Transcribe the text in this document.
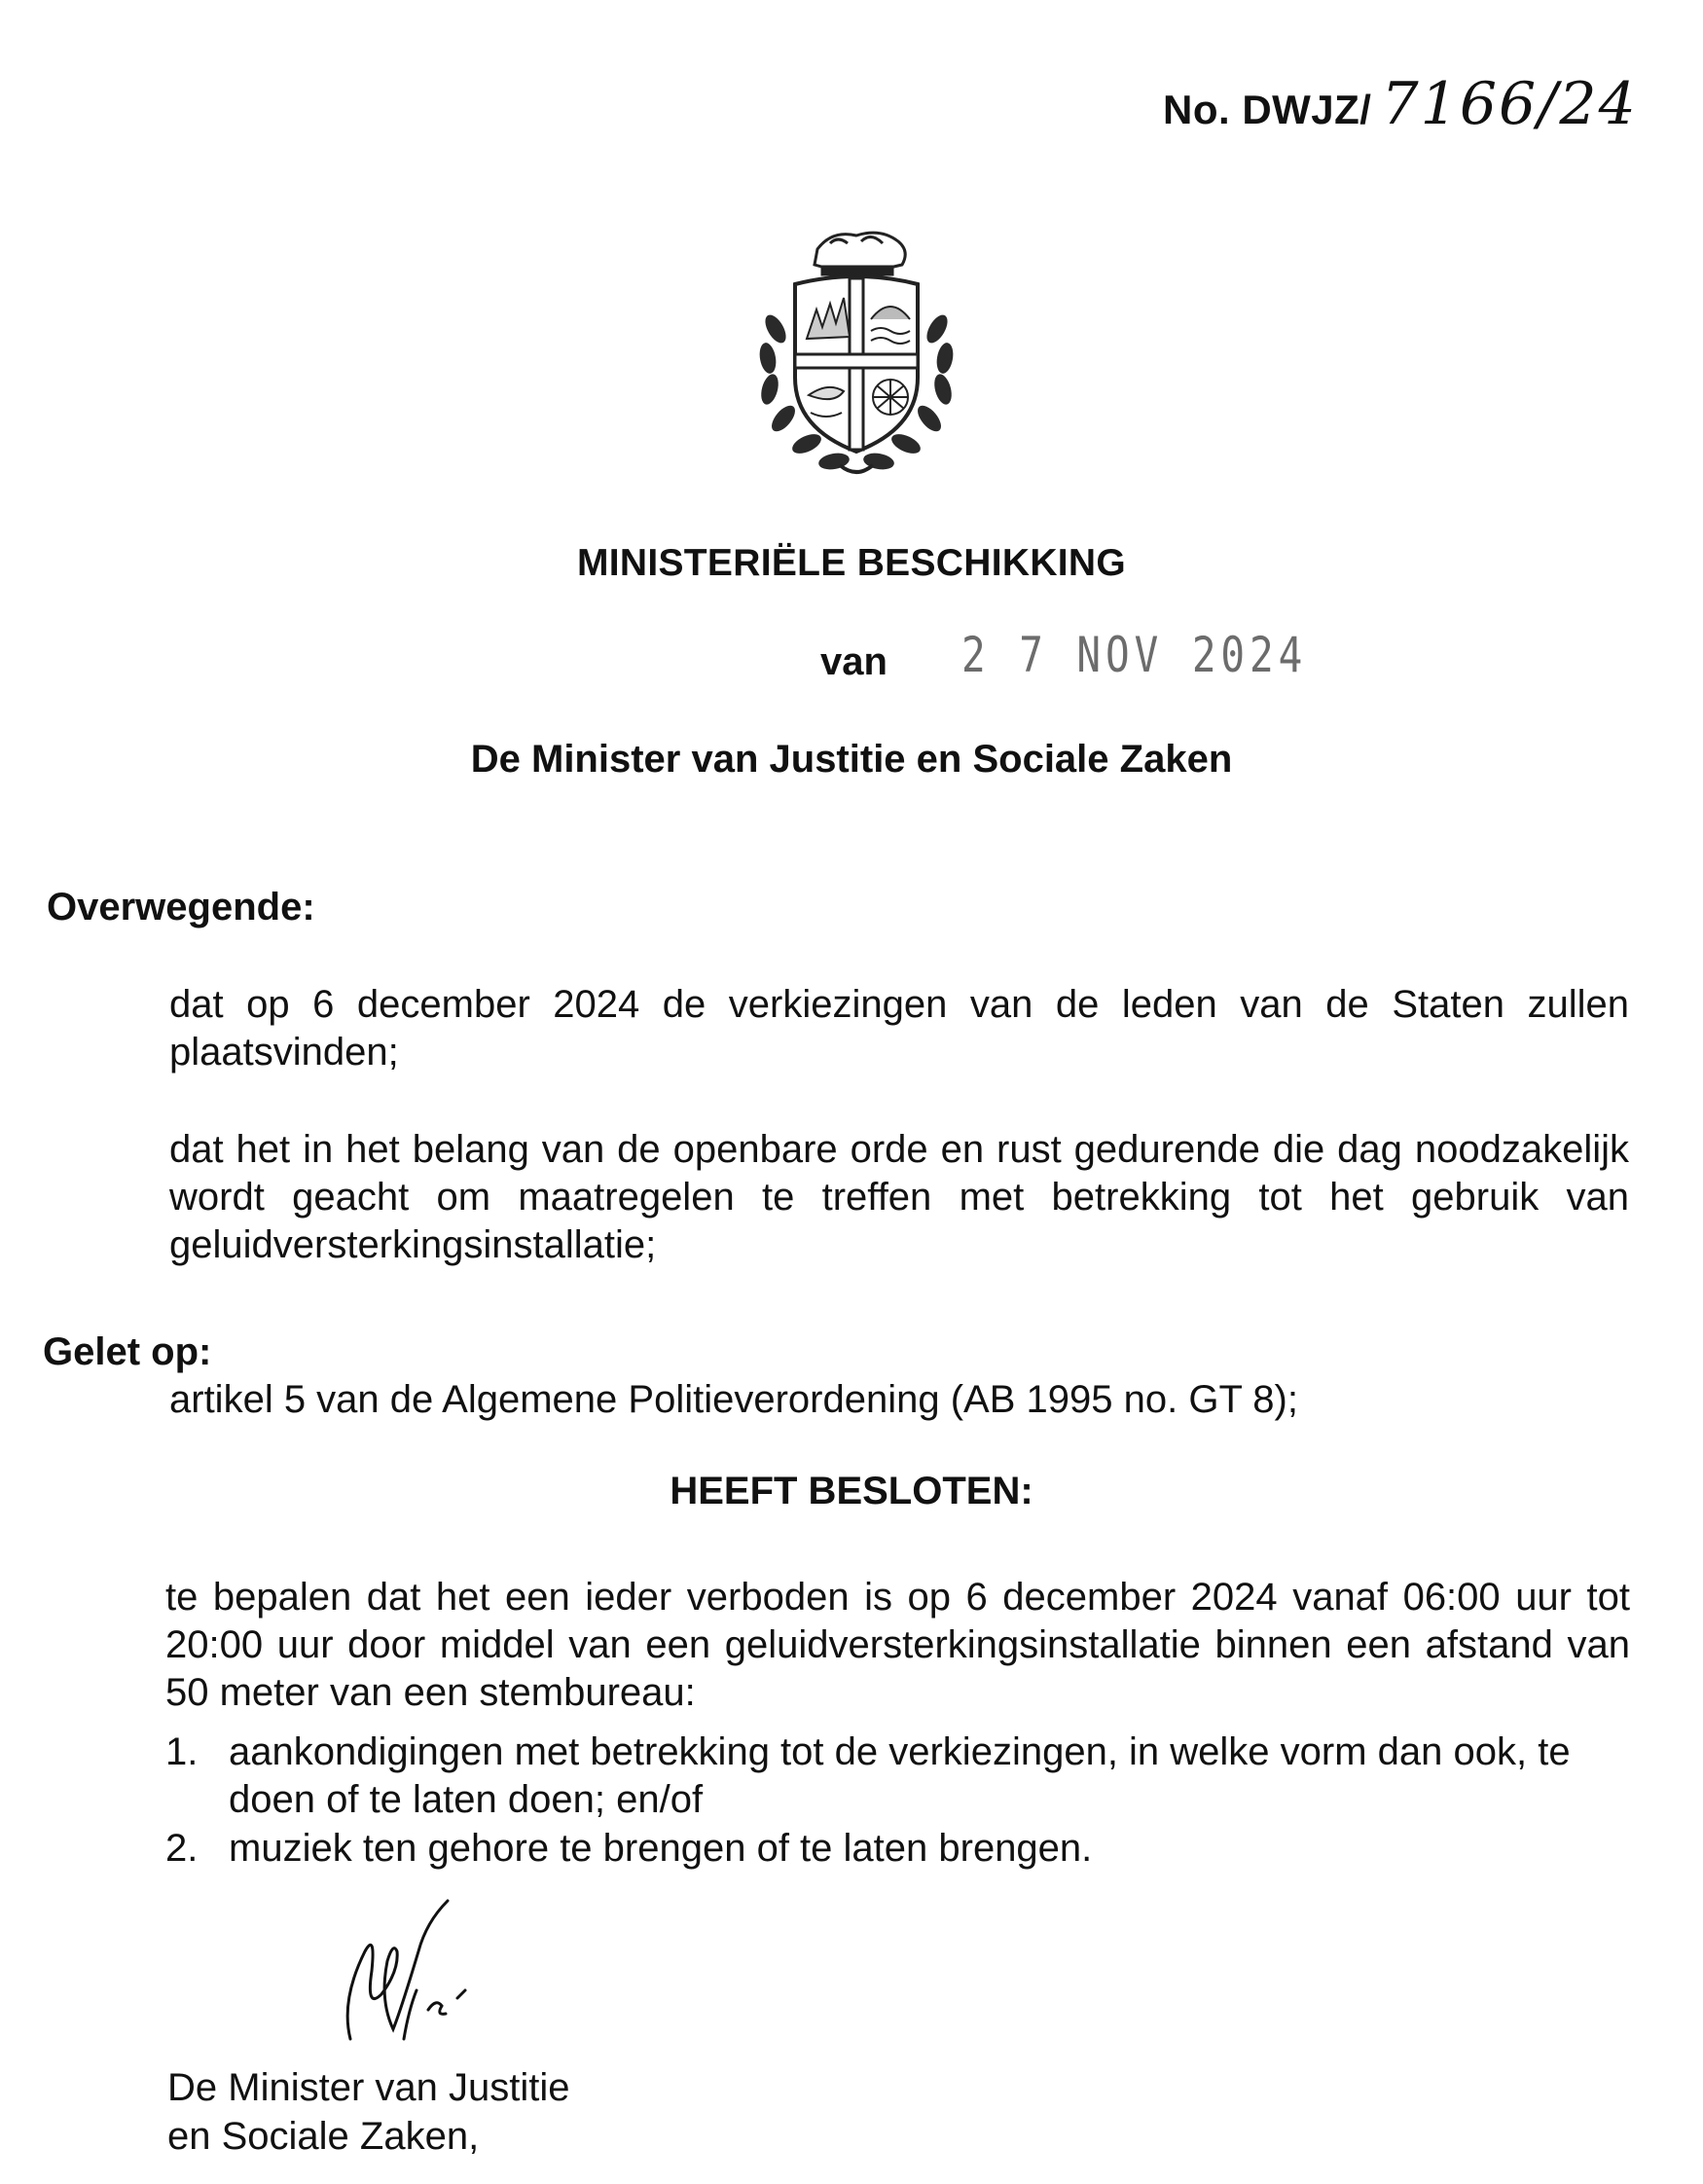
No. DWJZ/ 7166/24
MINISTERIËLE BESCHIKKING
van 2 7 NOV 2024
De Minister van Justitie en Sociale Zaken
Overwegende:
dat op 6 december 2024 de verkiezingen van de leden van de Staten zullen plaatsvinden;
dat het in het belang van de openbare orde en rust gedurende die dag noodzakelijk wordt geacht om maatregelen te treffen met betrekking tot het gebruik van geluidversterkingsinstallatie;
Gelet op:
artikel 5 van de Algemene Politieverordening (AB 1995 no. GT 8);
HEEFT BESLOTEN:
te bepalen dat het een ieder verboden is op 6 december 2024 vanaf 06:00 uur tot 20:00 uur door middel van een geluidversterkingsinstallatie binnen een afstand van 50 meter van een stembureau:
1. aankondigingen met betrekking tot de verkiezingen, in welke vorm dan ook, te doen of te laten doen; en/of
2. muziek ten gehore te brengen of te laten brengen.
De Minister van Justitie
en Sociale Zaken,
